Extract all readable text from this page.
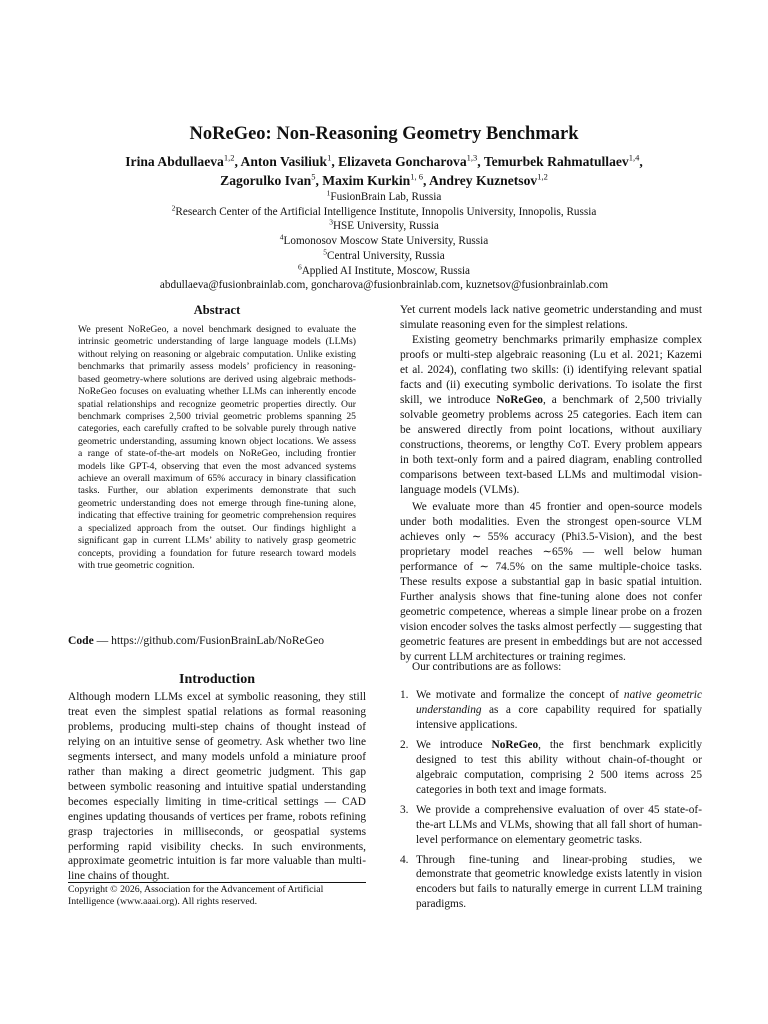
NoReGeo: Non-Reasoning Geometry Benchmark
Irina Abdullaeva$^{1,2}$, Anton Vasiliuk$^1$, Elizaveta Goncharova$^{1,3}$, Temurbek Rahmatullaev$^{1,4}$,
Zagorulko Ivan$^5$, Maxim Kurkin$^{1, 6}$, Andrey Kuznetsov$^{1,2}$
$^1$FusionBrain Lab, Russia
$^2$Research Center of the Artificial Intelligence Institute, Innopolis University, Innopolis, Russia
$^3$HSE University, Russia
$^4$Lomonosov Moscow State University, Russia
$^5$Central University, Russia
$^6$Applied AI Institute, Moscow, Russia
abdullaeva@fusionbrainlab.com, goncharova@fusionbrainlab.com, kuznetsov@fusionbrainlab.com
Abstract
We present NoReGeo, a novel benchmark designed to evaluate the intrinsic geometric understanding of large language models (LLMs) without relying on reasoning or algebraic computation. Unlike existing benchmarks that primarily assess models’ proficiency in reasoning-based geometry-where solutions are derived using algebraic methods-NoReGeo focuses on evaluating whether LLMs can inherently encode spatial relationships and recognize geometric properties directly. Our benchmark comprises 2,500 trivial geometric problems spanning 25 categories, each carefully crafted to be solvable purely through native geometric understanding, assuming known object locations. We assess a range of state-of-the-art models on NoReGeo, including frontier models like GPT-4, observing that even the most advanced systems achieve an overall maximum of 65% accuracy in binary classification tasks. Further, our ablation experiments demonstrate that such geometric understanding does not emerge through fine-tuning alone, indicating that effective training for geometric comprehension requires a specialized approach from the outset. Our findings highlight a significant gap in current LLMs’ ability to natively grasp geometric concepts, providing a foundation for future research toward models with true geometric cognition.
Code — https://github.com/FusionBrainLab/NoReGeo
Introduction
Although modern LLMs excel at symbolic reasoning, they still treat even the simplest spatial relations as formal reasoning problems, producing multi-step chains of thought instead of relying on an intuitive sense of geometry. Ask whether two line segments intersect, and many models unfold a miniature proof rather than making a direct geometric judgment. This gap between symbolic reasoning and intuitive spatial understanding becomes especially limiting in time-critical settings — CAD engines updating thousands of vertices per frame, robots refining grasp trajectories in milliseconds, or geospatial systems performing rapid visibility checks. In such environments, approximate geometric intuition is far more valuable than multi-line chains of thought.
Copyright © 2026, Association for the Advancement of Artificial Intelligence (www.aaai.org). All rights reserved.
Yet current models lack native geometric understanding and must simulate reasoning even for the simplest relations.
Existing geometry benchmarks primarily emphasize complex proofs or multi-step algebraic reasoning (Lu et al. 2021; Kazemi et al. 2024), conflating two skills: (i) identifying relevant spatial facts and (ii) executing symbolic derivations. To isolate the first skill, we introduce NoReGeo, a benchmark of 2,500 trivially solvable geometry problems across 25 categories. Each item can be answered directly from point locations, without auxiliary constructions, theorems, or lengthy CoT. Every problem appears in both text-only form and a paired diagram, enabling controlled comparisons between text-based LLMs and multimodal vision-language models (VLMs).
We evaluate more than 45 frontier and open-source models under both modalities. Even the strongest open-source VLM achieves only ∼ 55% accuracy (Phi3.5-Vision), and the best proprietary model reaches ∼65% — well below human performance of ∼ 74.5% on the same multiple-choice tasks. These results expose a substantial gap in basic spatial intuition. Further analysis shows that fine-tuning alone does not confer geometric competence, whereas a simple linear probe on a frozen vision encoder solves the tasks almost perfectly — suggesting that geometric features are present in embeddings but are not accessed by current LLM architectures or training regimes.
Our contributions are as follows:
1. We motivate and formalize the concept of native geometric understanding as a core capability required for spatially intensive applications.
2. We introduce NoReGeo, the first benchmark explicitly designed to test this ability without chain-of-thought or algebraic computation, comprising 2 500 items across 25 categories in both text and image formats.
3. We provide a comprehensive evaluation of over 45 state-of-the-art LLMs and VLMs, showing that all fall short of human-level performance on elementary geometric tasks.
4. Through fine-tuning and linear-probing studies, we demonstrate that geometric knowledge exists latently in vision encoders but fails to naturally emerge in current LLM training paradigms.
